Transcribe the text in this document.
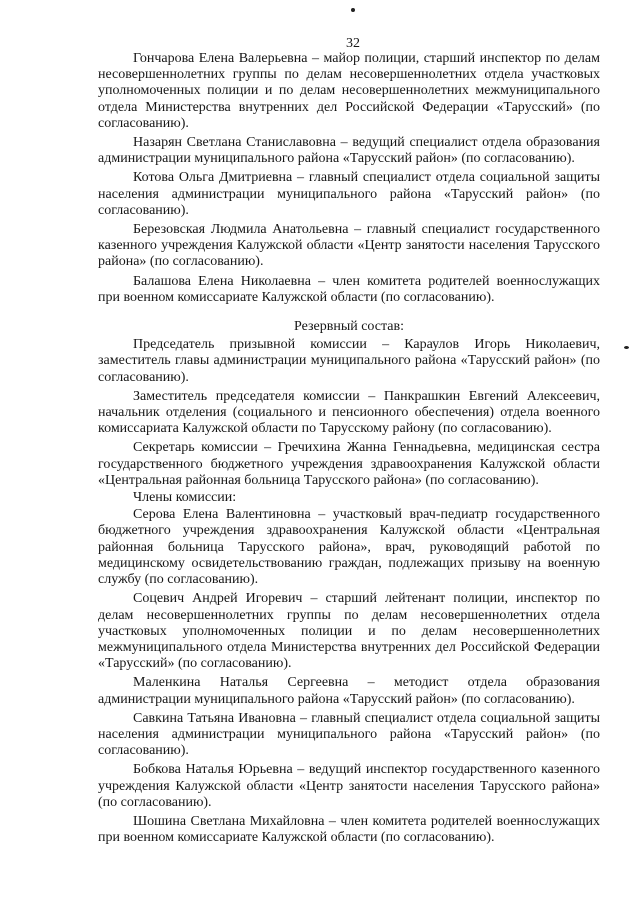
32

Гончарова Елена Валерьевна – майор полиции, старший инспектор по делам несовершеннолетних группы по делам несовершеннолетних отдела участковых уполномоченных полиции и по делам несовершеннолетних межмуниципального отдела Министерства внутренних дел Российской Федерации «Тарусский» (по согласованию).

Назарян Светлана Станиславовна – ведущий специалист отдела образования администрации муниципального района «Тарусский район» (по согласованию).

Котова Ольга Дмитриевна – главный специалист отдела социальной защиты населения администрации муниципального района «Тарусский район» (по согласованию).

Березовская Людмила Анатольевна – главный специалист государственного казенного учреждения Калужской области «Центр занятости населения Тарусского района» (по согласованию).

Балашова Елена Николаевна – член комитета родителей военнослужащих при военном комиссариате Калужской области (по согласованию).

Резервный состав:

Председатель призывной комиссии – Караулов Игорь Николаевич, заместитель главы администрации муниципального района «Тарусский район» (по согласованию).

Заместитель председателя комиссии – Панкрашкин Евгений Алексеевич, начальник отделения (социального и пенсионного обеспечения) отдела военного комиссариата Калужской области по Тарусскому району (по согласованию).

Секретарь комиссии – Гречихина Жанна Геннадьевна, медицинская сестра государственного бюджетного учреждения здравоохранения Калужской области «Центральная районная больница Тарусского района» (по согласованию).

Члены комиссии:

Серова Елена Валентиновна – участковый врач-педиатр государственного бюджетного учреждения здравоохранения Калужской области «Центральная районная больница Тарусского района», врач, руководящий работой по медицинскому освидетельствованию граждан, подлежащих призыву на военную службу (по согласованию).

Соцевич Андрей Игоревич – старший лейтенант полиции, инспектор по делам несовершеннолетних группы по делам несовершеннолетних отдела участковых уполномоченных полиции и по делам несовершеннолетних межмуниципального отдела Министерства внутренних дел Российской Федерации «Тарусский» (по согласованию).

Маленкина Наталья Сергеевна – методист отдела образования администрации муниципального района «Тарусский район» (по согласованию).

Савкина Татьяна Ивановна – главный специалист отдела социальной защиты населения администрации муниципального района «Тарусский район» (по согласованию).

Бобкова Наталья Юрьевна – ведущий инспектор государственного казенного учреждения Калужской области «Центр занятости населения Тарусского района» (по согласованию).

Шошина Светлана Михайловна – член комитета родителей военнослужащих при военном комиссариате Калужской области (по согласованию).
